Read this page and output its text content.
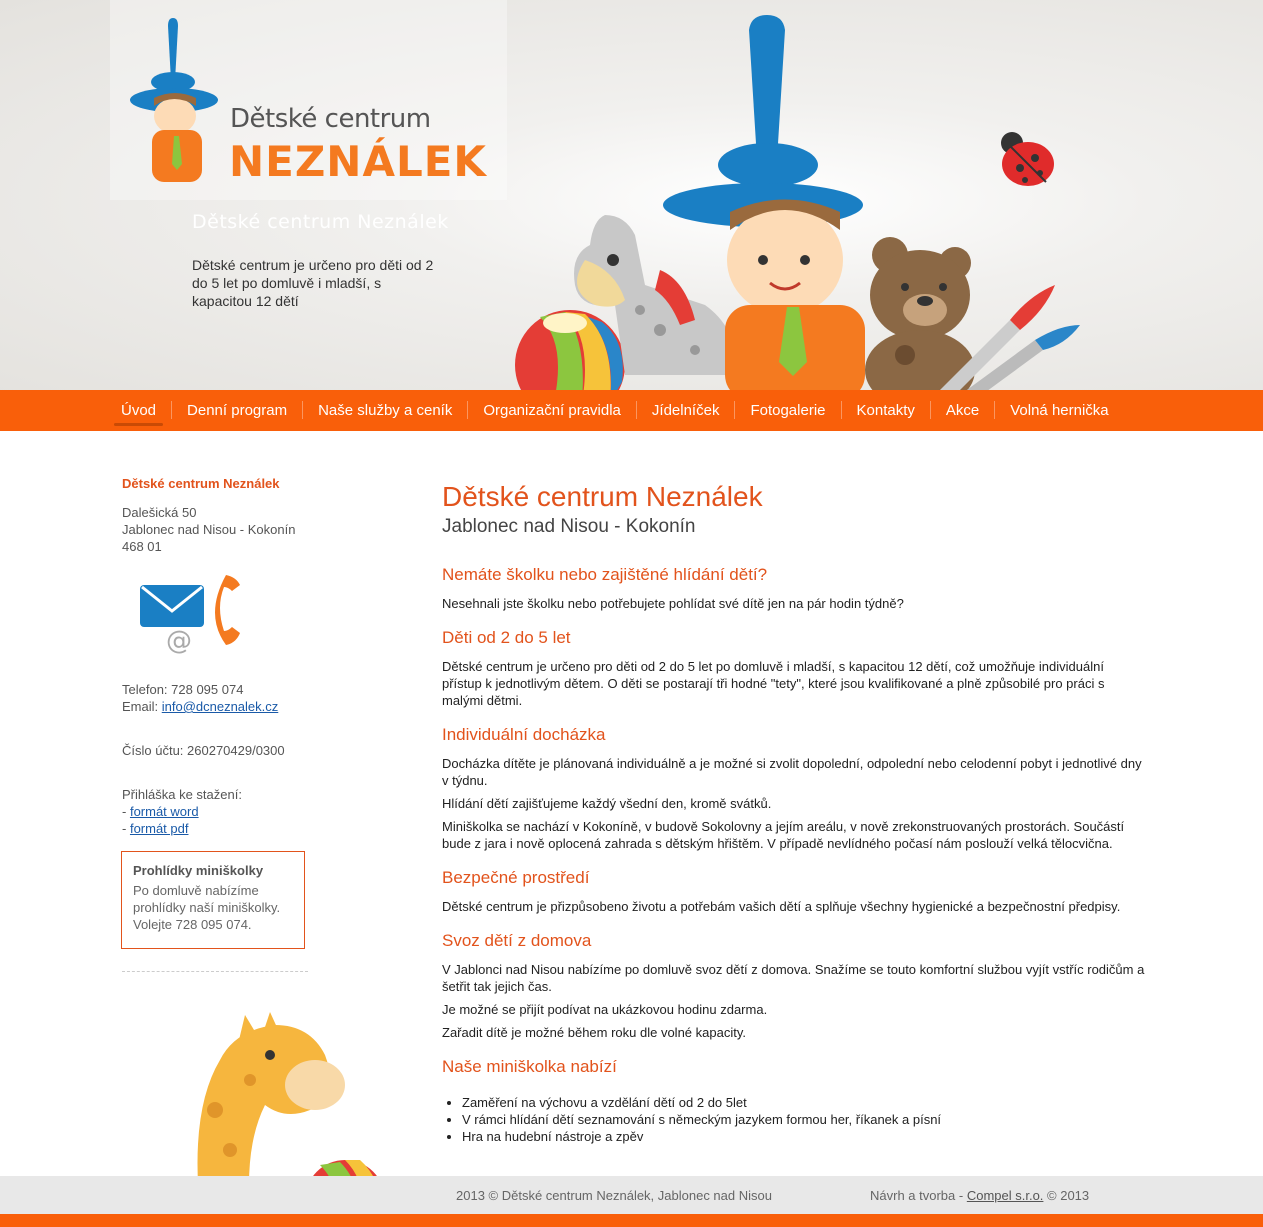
Dětské centrum
NEZNÁLEK
Dětské centrum Neználek
Dětské centrum je určeno pro děti od 2 do 5 let po domluvě i mladší, s kapacitou 12 dětí
Úvod	Denní program	Naše služby a ceník	Organizační pravidla	Jídelníček	Fotogalerie	Kontakty	Akce	Volná hernička
Dětské centrum Neználek
Dalešická 50
Jablonec nad Nisou - Kokonín
468 01
@
Telefon: 728 095 074
Email: info@dcneznalek.cz
Číslo účtu: 260270429/0300
Přihláška ke stažení:
- formát word
- formát pdf
Prohlídky miniškolky
Po domluvě nabízíme prohlídky naší miniškolky. Volejte 728 095 074.
Dětské centrum Neználek
Jablonec nad Nisou - Kokonín
Nemáte školku nebo zajištěné hlídání dětí?

Nesehnali jste školku nebo potřebujete pohlídat své dítě jen na pár hodin týdně?

Děti od 2 do 5 let

Dětské centrum je určeno pro děti od 2 do 5 let po domluvě i mladší, s kapacitou 12 dětí, což umožňuje individuální přístup k jednotlivým dětem. O děti se postarají tři hodné "tety", které jsou kvalifikované a plně způsobilé pro práci s malými dětmi.

Individuální docházka

Docházka dítěte je plánovaná individuálně a je možné si zvolit dopolední, odpolední nebo celodenní pobyt i jednotlivé dny v týdnu.

Hlídání dětí zajišťujeme každý všední den, kromě svátků.

Miniškolka se nachází v Kokoníně, v budově Sokolovny a jejím areálu, v nově zrekonstruovaných prostorách. Součástí bude z jara i nově oplocená zahrada s dětským hřištěm. V případě nevlídného počasí nám poslouží velká tělocvična.

Bezpečné prostředí

Dětské centrum je přizpůsobeno životu a potřebám vašich dětí a splňuje všechny hygienické a bezpečnostní předpisy.

Svoz dětí z domova

V Jablonci nad Nisou nabízíme po domluvě svoz dětí z domova. Snažíme se touto komfortní službou vyjít vstříc rodičům a šetřit tak jejich čas.

Je možné se přijít podívat na ukázkovou hodinu zdarma.

Zařadit dítě je možné během roku dle volné kapacity.

Naše miniškolka nabízí
• Zaměření na výchovu a vzdělání dětí od 2 do 5let
• V rámci hlídání dětí seznamování s německým jazykem formou her, říkanek a písní
• Hra na hudební nástroje a zpěv
2013 © Dětské centrum Neználek, Jablonec nad Nisou	Návrh a tvorba - Compel s.r.o. © 2013
